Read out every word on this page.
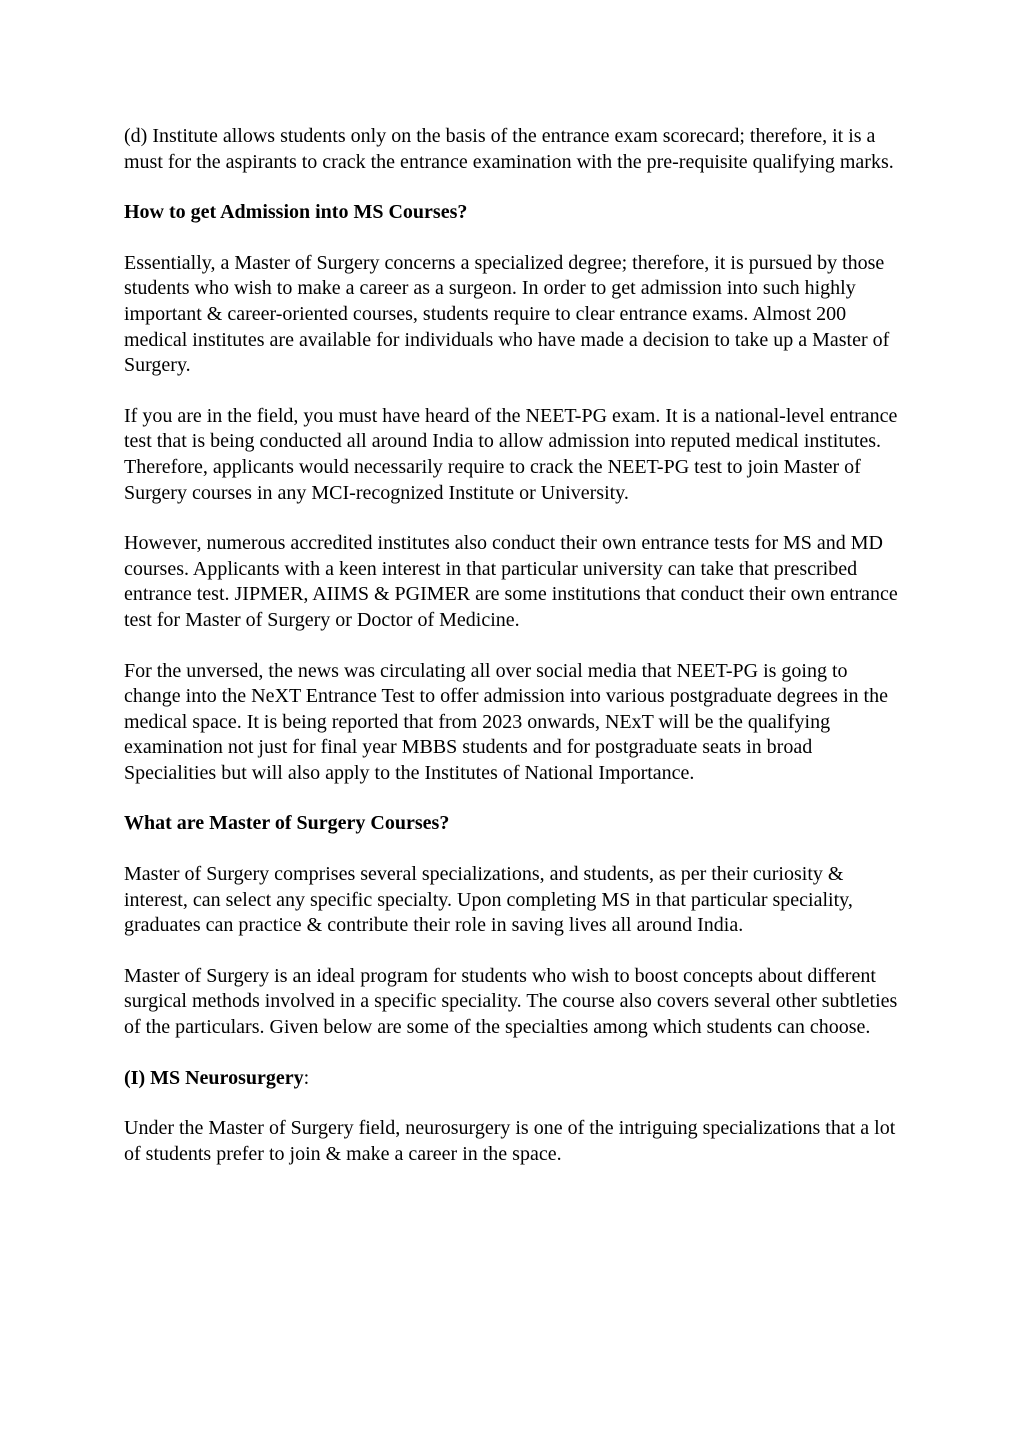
(d) Institute allows students only on the basis of the entrance exam scorecard; therefore, it is a must for the aspirants to crack the entrance examination with the pre-requisite qualifying marks.

How to get Admission into MS Courses?

Essentially, a Master of Surgery concerns a specialized degree; therefore, it is pursued by those students who wish to make a career as a surgeon. In order to get admission into such highly important & career-oriented courses, students require to clear entrance exams. Almost 200 medical institutes are available for individuals who have made a decision to take up a Master of Surgery.

If you are in the field, you must have heard of the NEET-PG exam. It is a national-level entrance test that is being conducted all around India to allow admission into reputed medical institutes. Therefore, applicants would necessarily require to crack the NEET-PG test to join Master of Surgery courses in any MCI-recognized Institute or University.

However, numerous accredited institutes also conduct their own entrance tests for MS and MD courses. Applicants with a keen interest in that particular university can take that prescribed entrance test. JIPMER, AIIMS & PGIMER are some institutions that conduct their own entrance test for Master of Surgery or Doctor of Medicine.

For the unversed, the news was circulating all over social media that NEET-PG is going to change into the NeXT Entrance Test to offer admission into various postgraduate degrees in the medical space. It is being reported that from 2023 onwards, NExT will be the qualifying examination not just for final year MBBS students and for postgraduate seats in broad Specialities but will also apply to the Institutes of National Importance.

What are Master of Surgery Courses?

Master of Surgery comprises several specializations, and students, as per their curiosity & interest, can select any specific specialty. Upon completing MS in that particular speciality, graduates can practice & contribute their role in saving lives all around India.

Master of Surgery is an ideal program for students who wish to boost concepts about different surgical methods involved in a specific speciality. The course also covers several other subtleties of the particulars. Given below are some of the specialties among which students can choose.

(I) MS Neurosurgery:

Under the Master of Surgery field, neurosurgery is one of the intriguing specializations that a lot of students prefer to join & make a career in the space.
